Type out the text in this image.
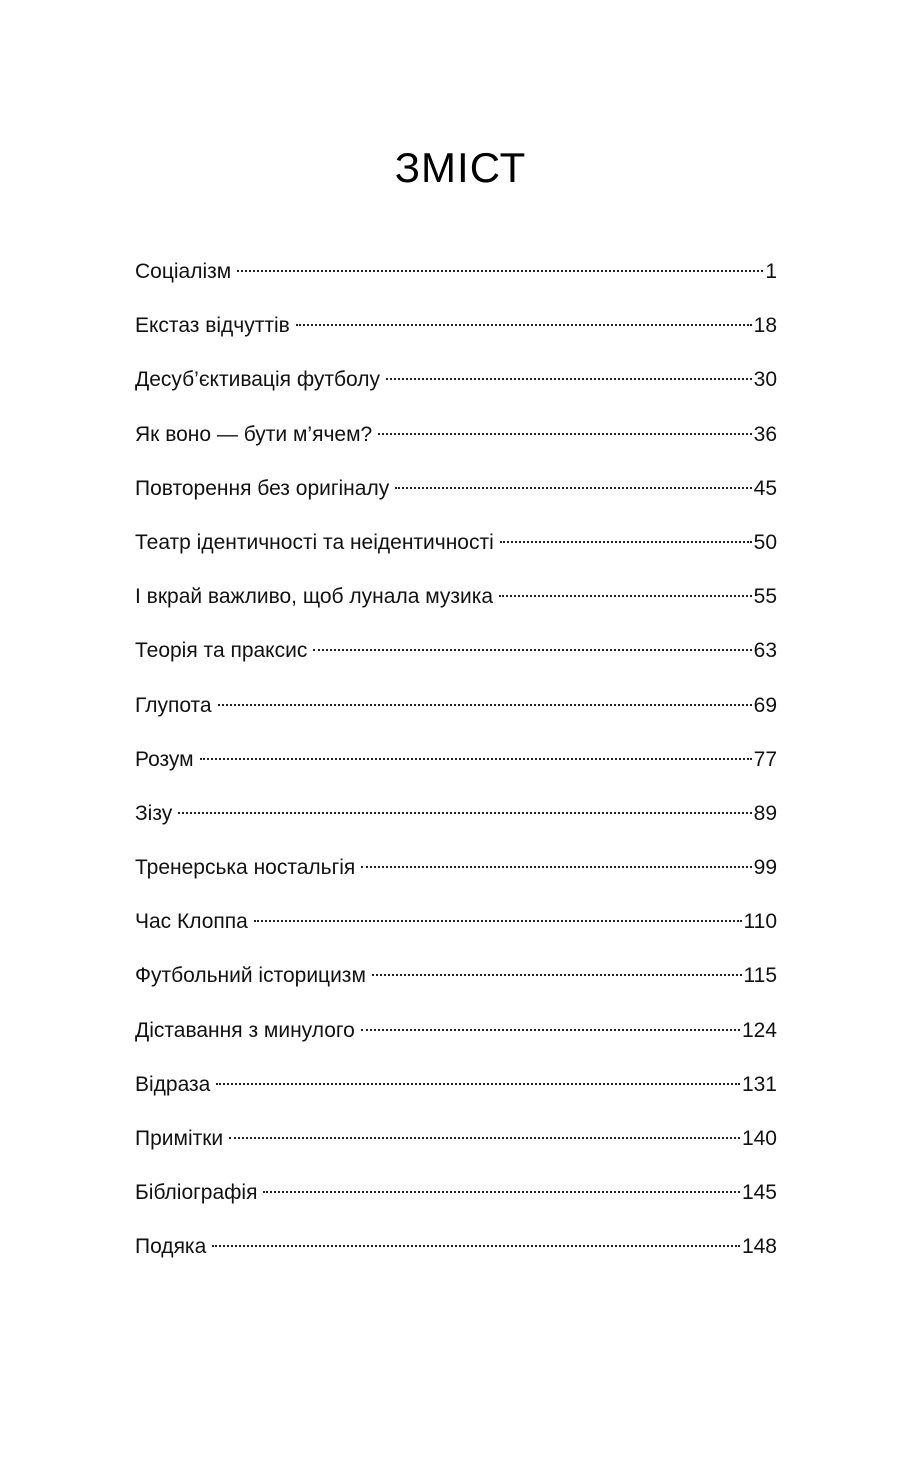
ЗМІСТ
Соціалізм	1
Екстаз відчуттів	18
Десуб’єктивація футболу	30
Як воно — бути м’ячем?	36
Повторення без оригіналу	45
Театр ідентичності та неідентичності	50
І вкрай важливо, щоб лунала музика	55
Теорія та праксис	63
Глупота	69
Розум	77
Зізу	89
Тренерська ностальгія	99
Час Клоппа	110
Футбольний історицизм	115
Діставання з минулого	124
Відраза	131
Примітки	140
Бібліографія	145
Подяка	148
